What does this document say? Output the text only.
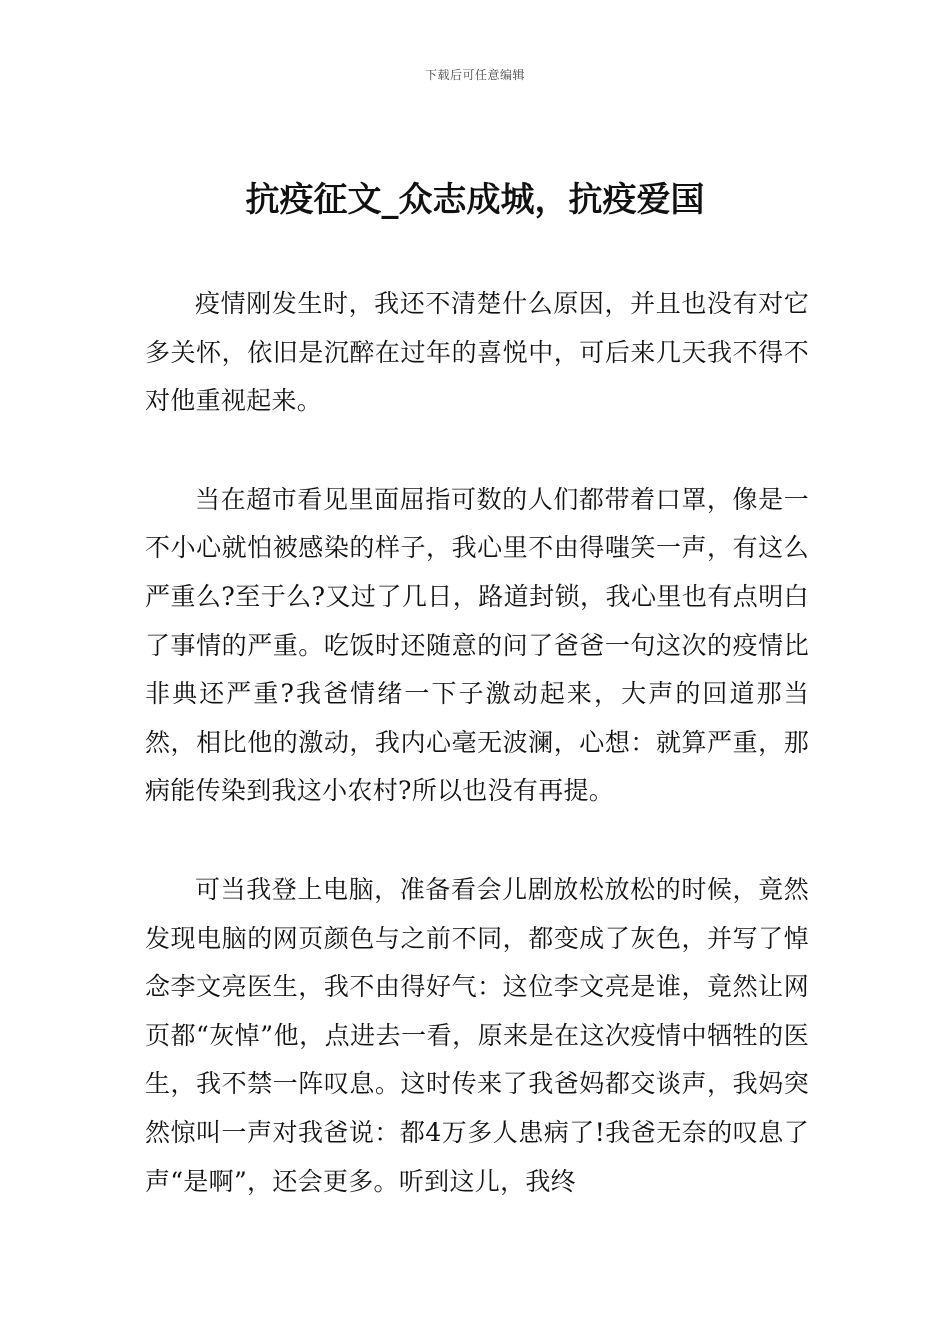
下载后可任意编辑
抗疫征文_众志成城，抗疫爱国

疫情刚发生时，我还不清楚什么原因，并且也没有对它多关怀，依旧是沉醉在过年的喜悦中，可后来几天我不得不对他重视起来。

当在超市看见里面屈指可数的人们都带着口罩，像是一不小心就怕被感染的样子，我心里不由得嗤笑一声，有这么严重么?至于么?又过了几日，路道封锁，我心里也有点明白了事情的严重。吃饭时还随意的问了爸爸一句这次的疫情比非典还严重?我爸情绪一下子激动起来，大声的回道那当然，相比他的激动，我内心毫无波澜，心想：就算严重，那病能传染到我这小农村?所以也没有再提。

可当我登上电脑，准备看会儿剧放松放松的时候，竟然发现电脑的网页颜色与之前不同，都变成了灰色，并写了悼念李文亮医生，我不由得好气：这位李文亮是谁，竟然让网页都“灰悼”他，点进去一看，原来是在这次疫情中牺牲的医生，我不禁一阵叹息。这时传来了我爸妈都交谈声，我妈突然惊叫一声对我爸说：都4万多人患病了!我爸无奈的叹息了声“是啊”，还会更多。听到这儿，我终
